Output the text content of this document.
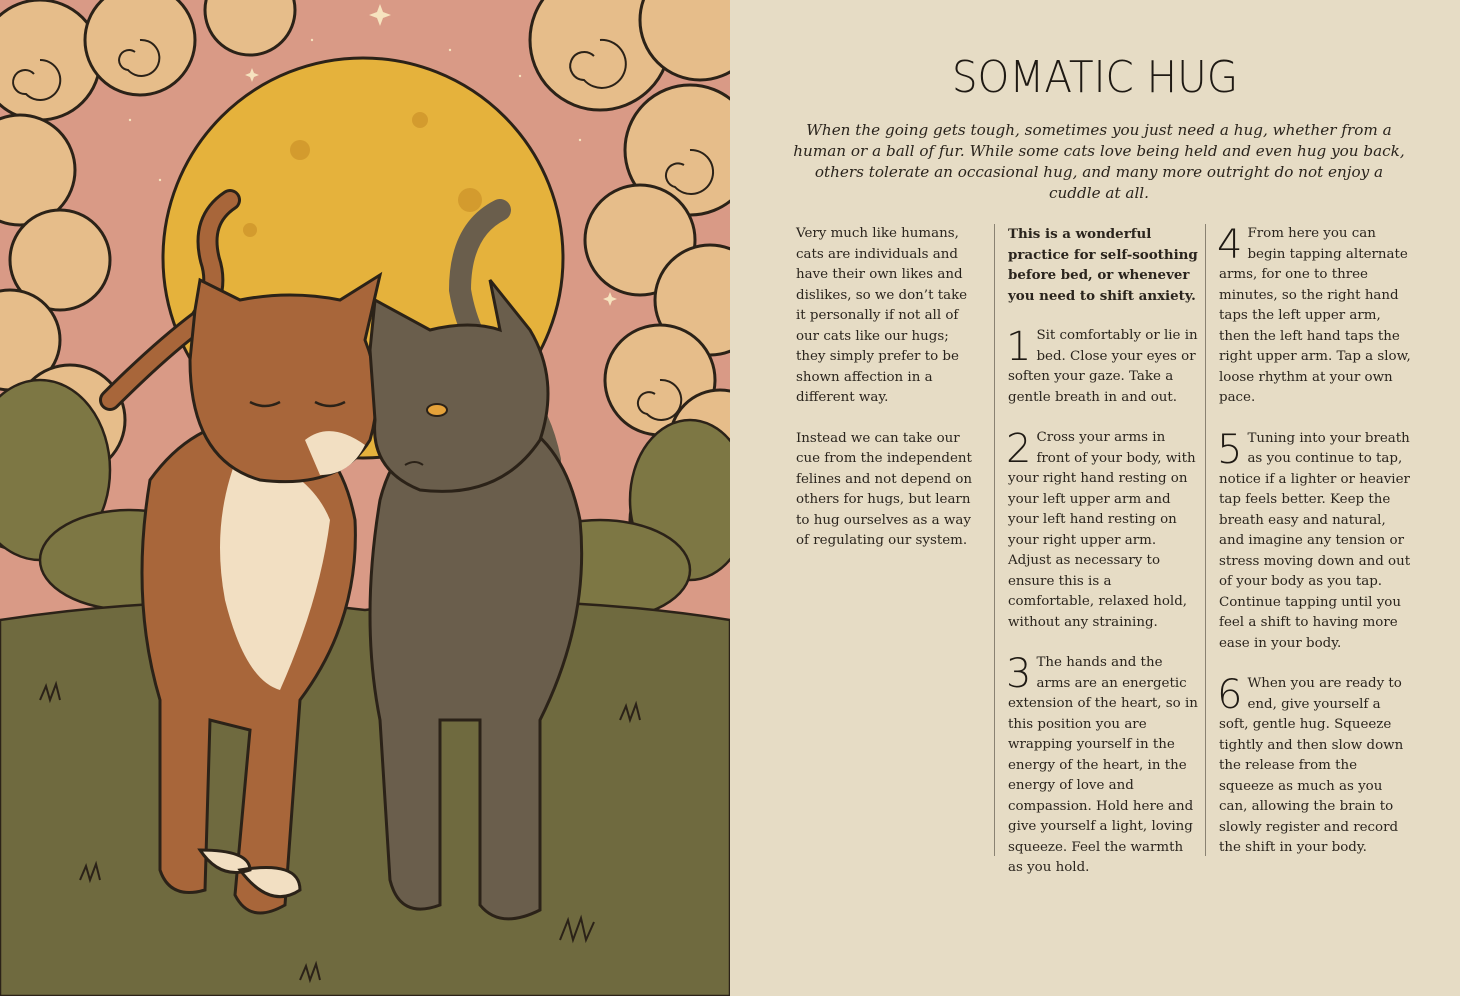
SOMATIC HUG
When the going gets tough, sometimes you just need a hug, whether from a human or a ball of fur. While some cats love being held and even hug you back, others tolerate an occasional hug, and many more outright do not enjoy a cuddle at all.

Very much like humans, cats are individuals and have their own likes and dislikes, so we don’t take it personally if not all of our cats like our hugs; they simply prefer to be shown affection in a different way.

Instead we can take our cue from the independent felines and not depend on others for hugs, but learn to hug ourselves as a way of regulating our system.

This is a wonderful practice for self-soothing before bed, or whenever you need to shift anxiety.

1 Sit comfortably or lie in bed. Close your eyes or soften your gaze. Take a gentle breath in and out.
2 Cross your arms in front of your body, with your right hand resting on your left upper arm and your left hand resting on your right upper arm. Adjust as necessary to ensure this is a comfortable, relaxed hold, without any straining.
3 The hands and the arms are an energetic extension of the heart, so in this position you are wrapping yourself in the energy of the heart, in the energy of love and compassion. Hold here and give yourself a light, loving squeeze. Feel the warmth as you hold.
4 From here you can begin tapping alternate arms, for one to three minutes, so the right hand taps the left upper arm, then the left hand taps the right upper arm. Tap a slow, loose rhythm at your own pace.
5 Tuning into your breath as you continue to tap, notice if a lighter or heavier tap feels better. Keep the breath easy and natural, and imagine any tension or stress moving down and out of your body as you tap. Continue tapping until you feel a shift to having more ease in your body.
6 When you are ready to end, give yourself a soft, gentle hug. Squeeze tightly and then slow down the release from the squeeze as much as you can, allowing the brain to slowly register and record the shift in your body.
